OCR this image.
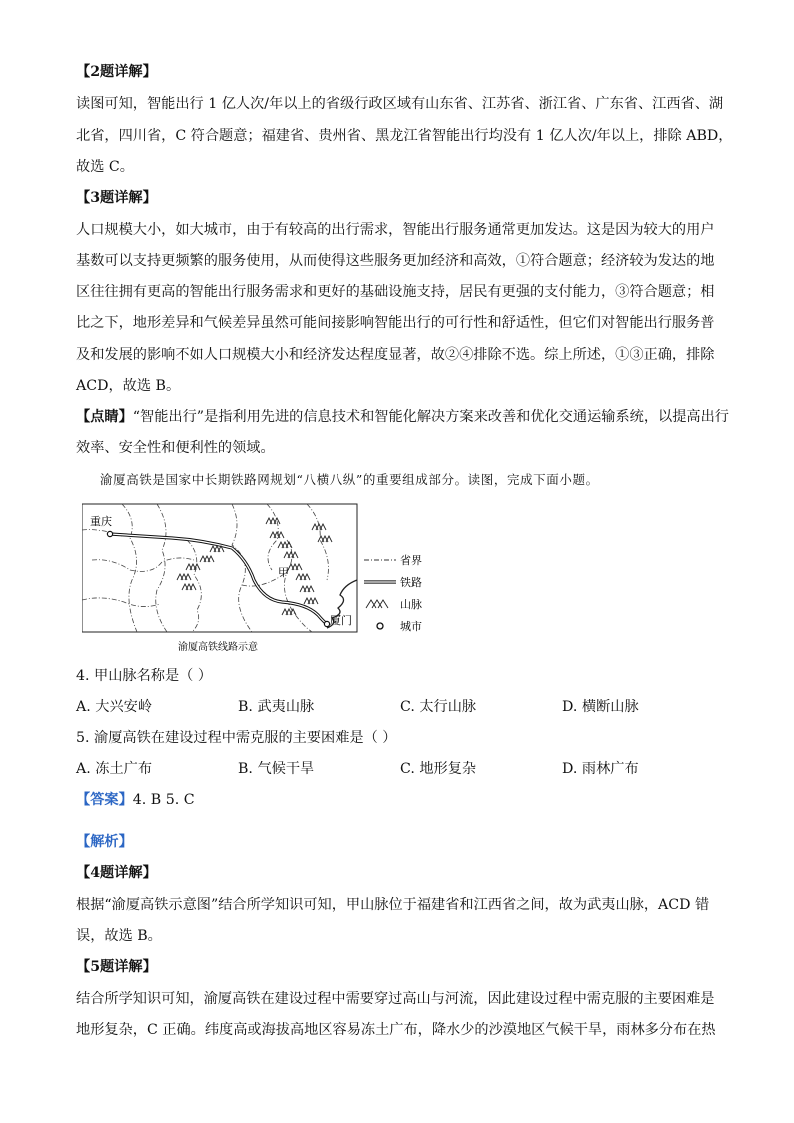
【2题详解】
读图可知，智能出行 1 亿人次/年以上的省级行政区域有山东省、江苏省、浙江省、广东省、江西省、湖
北省，四川省，C 符合题意；福建省、贵州省、黑龙江省智能出行均没有 1 亿人次/年以上，排除 ABD，
故选 C。
【3题详解】
人口规模大小，如大城市，由于有较高的出行需求，智能出行服务通常更加发达。这是因为较大的用户
基数可以支持更频繁的服务使用，从而使得这些服务更加经济和高效，①符合题意；经济较为发达的地
区往往拥有更高的智能出行服务需求和更好的基础设施支持，居民有更强的支付能力，③符合题意；相
比之下，地形差异和气候差异虽然可能间接影响智能出行的可行性和舒适性，但它们对智能出行服务普
及和发展的影响不如人口规模大小和经济发达程度显著，故②④排除不选。综上所述，①③正确，排除
ACD，故选 B。
【点睛】“智能出行”是指利用先进的信息技术和智能化解决方案来改善和优化交通运输系统，以提高出行
效率、安全性和便利性的领域。
渝厦高铁是国家中长期铁路网规划“八横八纵”的重要组成部分。读图，完成下面小题。
重庆
厦门
甲
渝厦高铁线路示意
省界
铁路
山脉
城市
4. 甲山脉名称是（ ）
A. 大兴安岭	B. 武夷山脉	C. 太行山脉	D. 横断山脉
5. 渝厦高铁在建设过程中需克服的主要困难是（ ）
A. 冻土广布	B. 气候干旱	C. 地形复杂	D. 雨林广布
【答案】4. B 5. C
【解析】
【4题详解】
根据“渝厦高铁示意图”结合所学知识可知，甲山脉位于福建省和江西省之间，故为武夷山脉，ACD 错
误，故选 B。
【5题详解】
结合所学知识可知，渝厦高铁在建设过程中需要穿过高山与河流，因此建设过程中需克服的主要困难是
地形复杂，C 正确。纬度高或海拔高地区容易冻土广布，降水少的沙漠地区气候干旱，雨林多分布在热
